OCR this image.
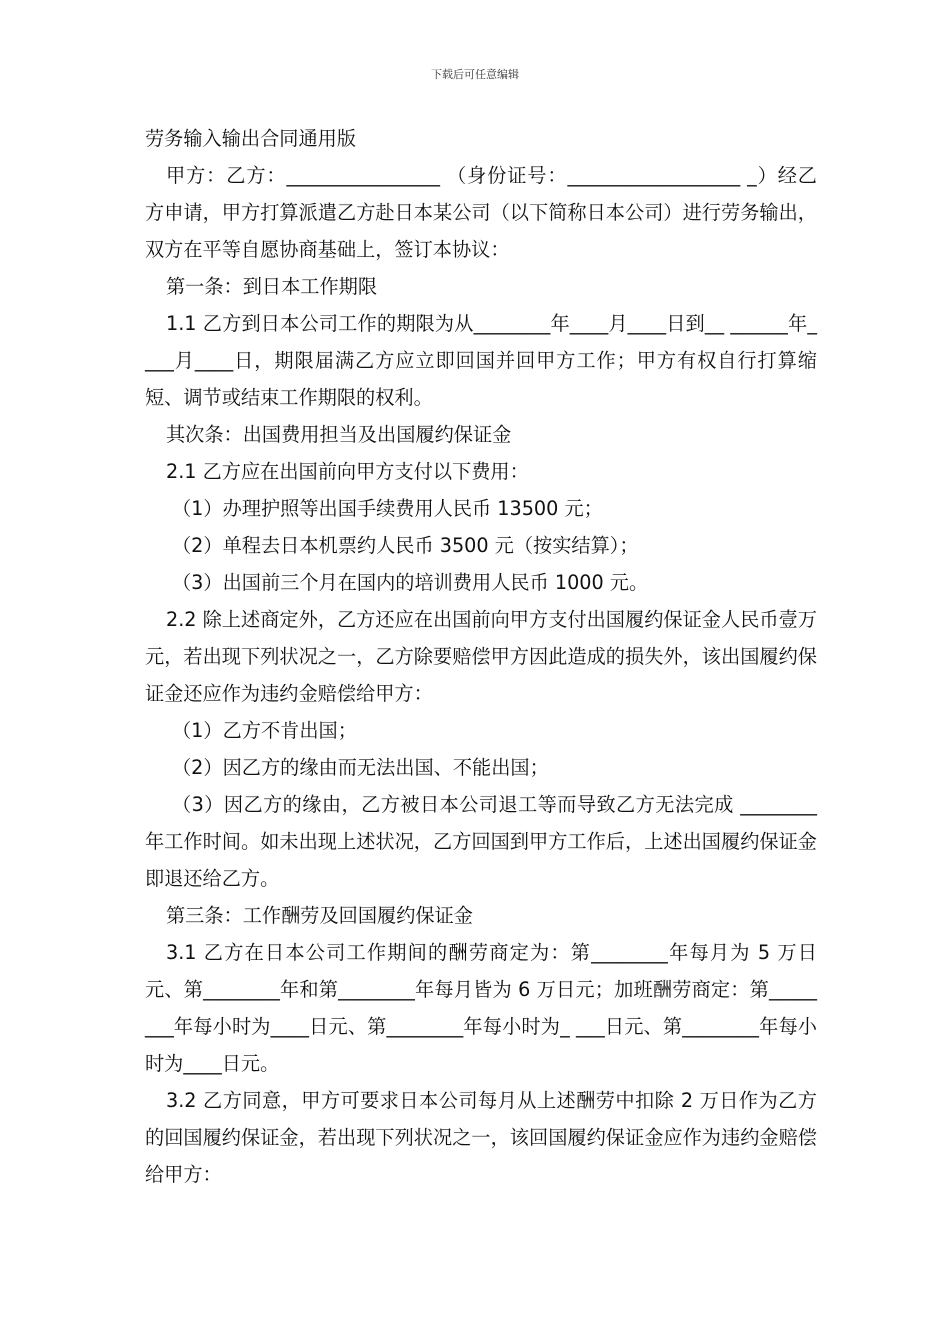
下载后可任意编辑

劳务输入输出合同通用版

甲方：乙方：________________ （身份证号：__________________ _）经乙方申请，甲方打算派遣乙方赴日本某公司（以下简称日本公司）进行劳务输出，双方在平等自愿协商基础上，签订本协议：

第一条：到日本工作期限

1.1 乙方到日本公司工作的期限为从________年____月____日到__ ______年____月____日，期限届满乙方应立即回国并回甲方工作；甲方有权自行打算缩短、调节或结束工作期限的权利。

其次条：出国费用担当及出国履约保证金

2.1 乙方应在出国前向甲方支付以下费用：

（1）办理护照等出国手续费用人民币 13500 元；

（2）单程去日本机票约人民币 3500 元（按实结算）；

（3）出国前三个月在国内的培训费用人民币 1000 元。

2.2 除上述商定外，乙方还应在出国前向甲方支付出国履约保证金人民币壹万元，若出现下列状况之一，乙方除要赔偿甲方因此造成的损失外，该出国履约保证金还应作为违约金赔偿给甲方：

（1）乙方不肯出国；

（2）因乙方的缘由而无法出国、不能出国；

（3）因乙方的缘由，乙方被日本公司退工等而导致乙方无法完成 ________年工作时间。如未出现上述状况，乙方回国到甲方工作后，上述出国履约保证金即退还给乙方。

第三条：工作酬劳及回国履约保证金

3.1 乙方在日本公司工作期间的酬劳商定为：第________年每月为 5 万日元、第________年和第________年每月皆为 6 万日元；加班酬劳商定：第________年每小时为____日元、第________年每小时为_ ___日元、第________年每小时为____日元。

3.2 乙方同意，甲方可要求日本公司每月从上述酬劳中扣除 2 万日作为乙方的回国履约保证金，若出现下列状况之一，该回国履约保证金应作为违约金赔偿给甲方：
